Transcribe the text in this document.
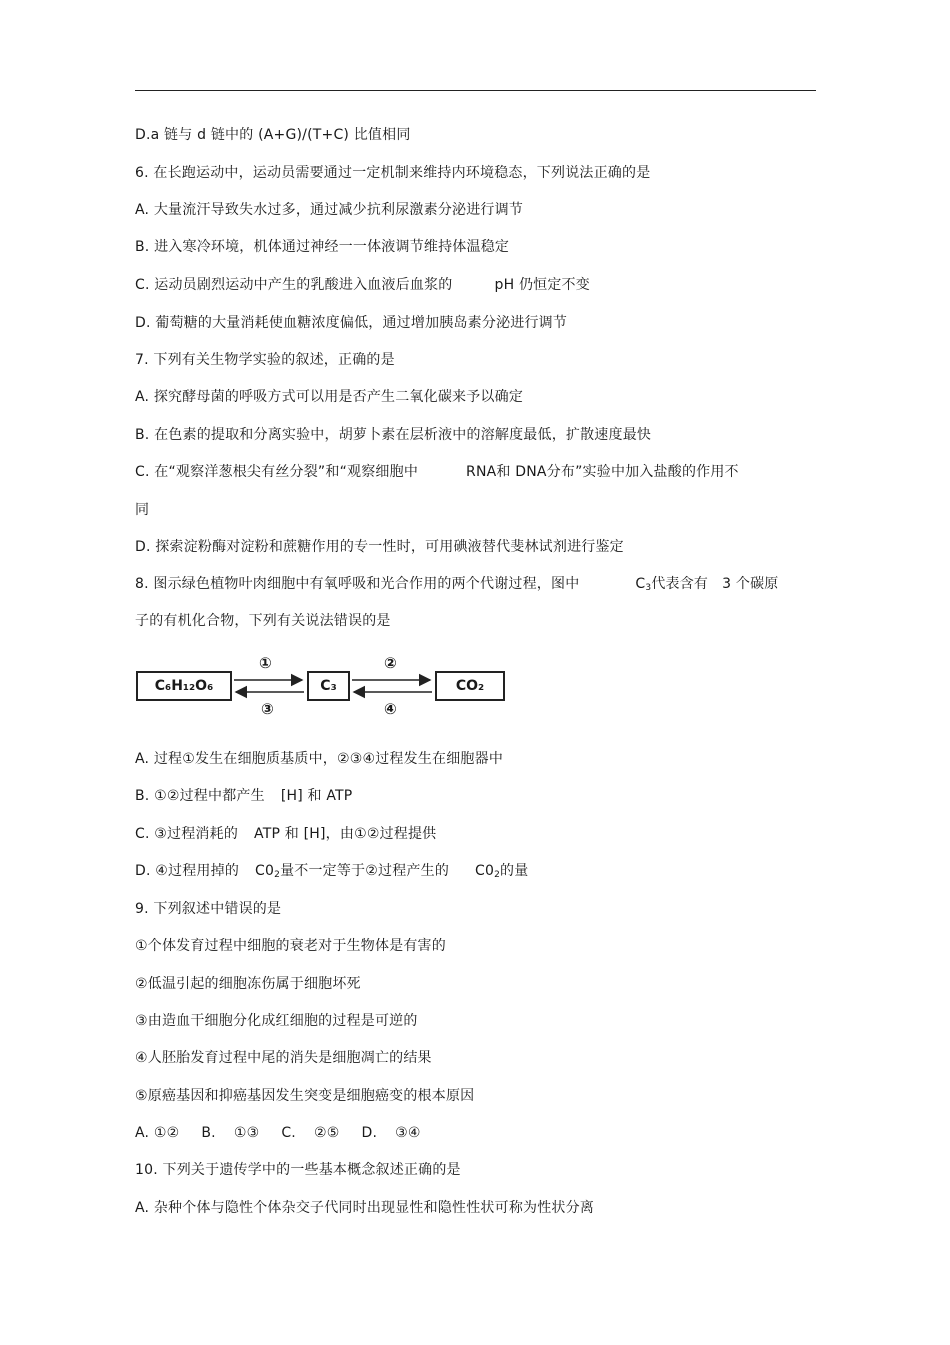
D.a 链与 d 链中的 (A+G)/(T+C) 比值相同
6. 在长跑运动中，运动员需要通过一定机制来维持内环境稳态，下列说法正确的是
A. 大量流汗导致失水过多，通过减少抗利尿激素分泌进行调节
B. 进入寒冷环境，机体通过神经一一体液调节维持体温稳定
C. 运动员剧烈运动中产生的乳酸进入血液后血浆的	pH 仍恒定不变
D. 葡萄糖的大量消耗使血糖浓度偏低，通过增加胰岛素分泌进行调节
7. 下列有关生物学实验的叙述，正确的是
A. 探究酵母菌的呼吸方式可以用是否产生二氧化碳来予以确定
B. 在色素的提取和分离实验中，胡萝卜素在层析液中的溶解度最低，扩散速度最快
C. 在“观察洋葱根尖有丝分裂”和“观察细胞中	RNA和 DNA分布”实验中加入盐酸的作用不
同
D. 探索淀粉酶对淀粉和蔗糖作用的专一性时，可用碘液替代斐林试剂进行鉴定
8. 图示绿色植物叶肉细胞中有氧呼吸和光合作用的两个代谢过程，图中	$C_3$代表含有 3 个碳原
子的有机化合物，下列有关说法错误的是
C₆H₁₂O₆	C₃	CO₂
①
③
②
④
A. 过程①发生在细胞质基质中，②③④过程发生在细胞器中
B. ①②过程中都产生 [H] 和 ATP
C. ③过程消耗的 ATP 和 [H]，由①②过程提供
D. ④过程用掉的 $C0_2$量不一定等于②过程产生的 $C0_2$的量
9. 下列叙述中错误的是
①个体发育过程中细胞的衰老对于生物体是有害的
②低温引起的细胞冻伤属于细胞坏死
③由造血干细胞分化成红细胞的过程是可逆的
④人胚胎发育过程中尾的消失是细胞凋亡的结果
⑤原癌基因和抑癌基因发生突变是细胞癌变的根本原因
A. ①② B. ①③ C. ②⑤ D. ③④
10. 下列关于遗传学中的一些基本概念叙述正确的是
A. 杂种个体与隐性个体杂交子代同时出现显性和隐性性状可称为性状分离
